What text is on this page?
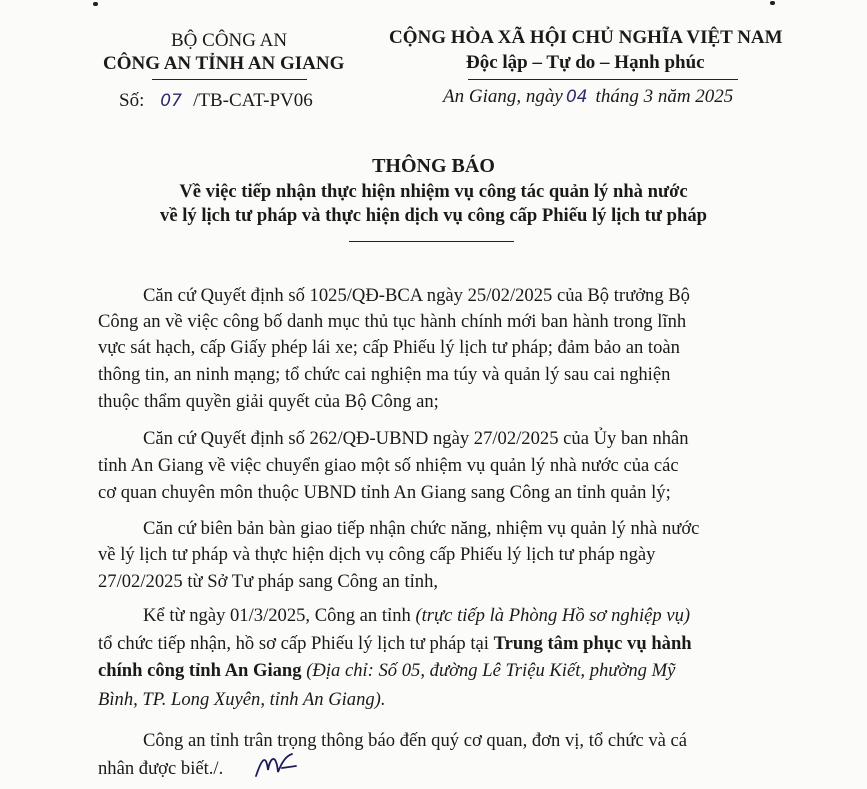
BỘ CÔNG AN
CÔNG AN TỈNH AN GIANG
Số: 07 /TB-CAT-PV06
CỘNG HÒA XÃ HỘI CHỦ NGHĨA VIỆT NAM
Độc lập – Tự do – Hạnh phúc
An Giang, ngày 04 tháng 3 năm 2025
THÔNG BÁO
Về việc tiếp nhận thực hiện nhiệm vụ công tác quản lý nhà nước
về lý lịch tư pháp và thực hiện dịch vụ công cấp Phiếu lý lịch tư pháp
Căn cứ Quyết định số 1025/QĐ-BCA ngày 25/02/2025 của Bộ trưởng Bộ
Công an về việc công bố danh mục thủ tục hành chính mới ban hành trong lĩnh
vực sát hạch, cấp Giấy phép lái xe; cấp Phiếu lý lịch tư pháp; đảm bảo an toàn
thông tin, an ninh mạng; tổ chức cai nghiện ma túy và quản lý sau cai nghiện
thuộc thẩm quyền giải quyết của Bộ Công an;
Căn cứ Quyết định số 262/QĐ-UBND ngày 27/02/2025 của Ủy ban nhân
tỉnh An Giang về việc chuyển giao một số nhiệm vụ quản lý nhà nước của các
cơ quan chuyên môn thuộc UBND tỉnh An Giang sang Công an tỉnh quản lý;
Căn cứ biên bản bàn giao tiếp nhận chức năng, nhiệm vụ quản lý nhà nước
về lý lịch tư pháp và thực hiện dịch vụ công cấp Phiếu lý lịch tư pháp ngày
27/02/2025 từ Sở Tư pháp sang Công an tỉnh,
Kể từ ngày 01/3/2025, Công an tỉnh (trực tiếp là Phòng Hồ sơ nghiệp vụ)
tổ chức tiếp nhận, hồ sơ cấp Phiếu lý lịch tư pháp tại Trung tâm phục vụ hành
chính công tỉnh An Giang (Địa chỉ: Số 05, đường Lê Triệu Kiết, phường Mỹ
Bình, TP. Long Xuyên, tỉnh An Giang).
Công an tỉnh trân trọng thông báo đến quý cơ quan, đơn vị, tổ chức và cá
nhân được biết./.
